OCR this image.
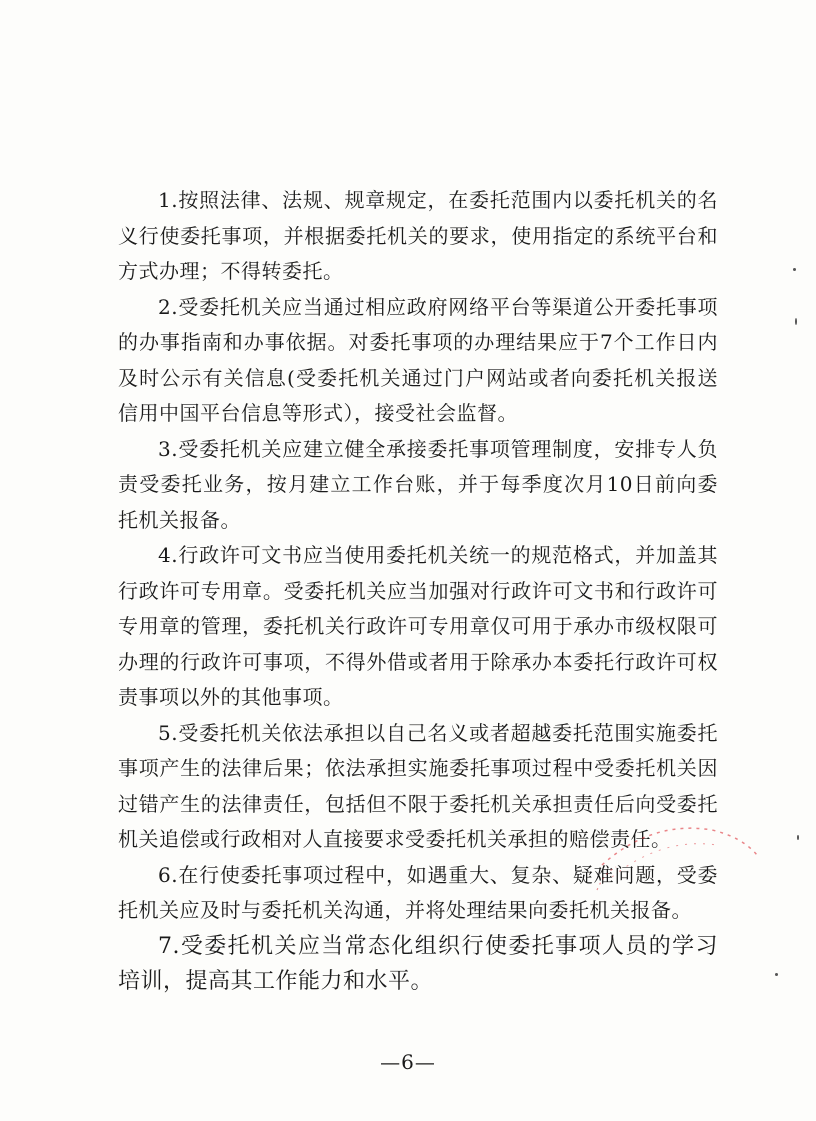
1.按照法律、法规、规章规定，在委托范围内以委托机关的名义行使委托事项，并根据委托机关的要求，使用指定的系统平台和方式办理；不得转委托。

2.受委托机关应当通过相应政府网络平台等渠道公开委托事项的办事指南和办事依据。对委托事项的办理结果应于7个工作日内及时公示有关信息(受委托机关通过门户网站或者向委托机关报送信用中国平台信息等形式），接受社会监督。

3.受委托机关应建立健全承接委托事项管理制度，安排专人负责受委托业务，按月建立工作台账，并于每季度次月10日前向委托机关报备。

4.行政许可文书应当使用委托机关统一的规范格式，并加盖其行政许可专用章。受委托机关应当加强对行政许可文书和行政许可专用章的管理，委托机关行政许可专用章仅可用于承办市级权限可办理的行政许可事项，不得外借或者用于除承办本委托行政许可权责事项以外的其他事项。

5.受委托机关依法承担以自己名义或者超越委托范围实施委托事项产生的法律后果；依法承担实施委托事项过程中受委托机关因过错产生的法律责任，包括但不限于委托机关承担责任后向受委托机关追偿或行政相对人直接要求受委托机关承担的赔偿责任。

6.在行使委托事项过程中，如遇重大、复杂、疑难问题，受委托机关应及时与委托机关沟通，并将处理结果向委托机关报备。

7.受委托机关应当常态化组织行使委托事项人员的学习培训，提高其工作能力和水平。

—6—
